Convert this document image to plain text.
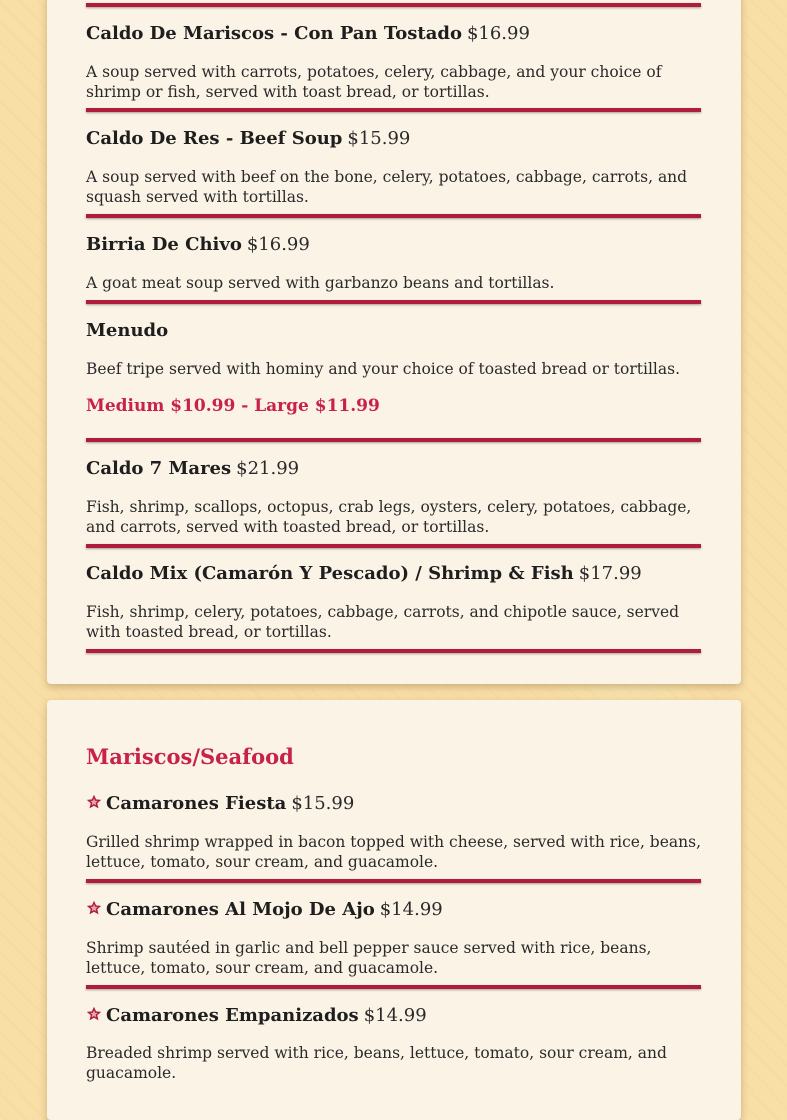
Caldo De Mariscos - Con Pan Tostado $16.99
A soup served with carrots, potatoes, celery, cabbage, and your choice of shrimp or fish, served with toast bread, or tortillas.
Caldo De Res - Beef Soup $15.99
A soup served with beef on the bone, celery, potatoes, cabbage, carrots, and squash served with tortillas.
Birria De Chivo $16.99
A goat meat soup served with garbanzo beans and tortillas.
Menudo
Beef tripe served with hominy and your choice of toasted bread or tortillas.
Medium $10.99 - Large $11.99
Caldo 7 Mares $21.99
Fish, shrimp, scallops, octopus, crab legs, oysters, celery, potatoes, cabbage, and carrots, served with toasted bread, or tortillas.
Caldo Mix (Camarón Y Pescado) / Shrimp & Fish $17.99
Fish, shrimp, celery, potatoes, cabbage, carrots, and chipotle sauce, served with toasted bread, or tortillas.
Mariscos/Seafood
Camarones Fiesta $15.99
Grilled shrimp wrapped in bacon topped with cheese, served with rice, beans, lettuce, tomato, sour cream, and guacamole.
Camarones Al Mojo De Ajo $14.99
Shrimp sautéed in garlic and bell pepper sauce served with rice, beans, lettuce, tomato, sour cream, and guacamole.
Camarones Empanizados $14.99
Breaded shrimp served with rice, beans, lettuce, tomato, sour cream, and guacamole.
